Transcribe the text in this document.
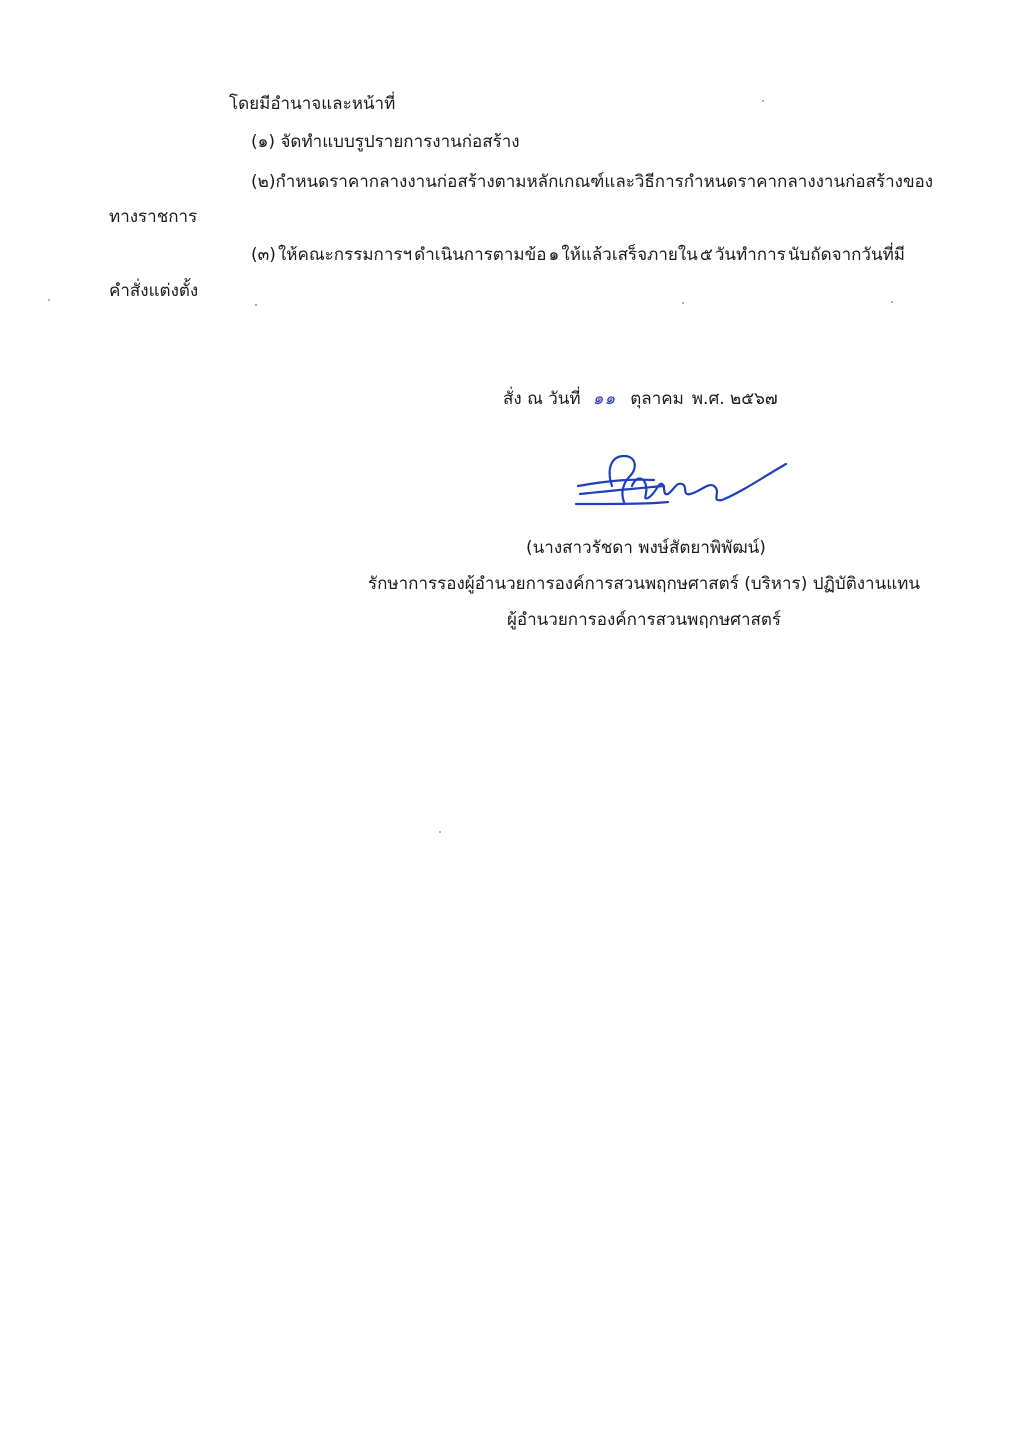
โดยมีอำนาจและหน้าที่
(๑) จัดทำแบบรูปรายการงานก่อสร้าง
(๒) กำหนดราคากลางงานก่อสร้างตามหลักเกณฑ์และวิธีการกำหนดราคากลางงานก่อสร้างของ
ทางราชการ
(๓) ให้คณะกรรมการฯ ดำเนินการตามข้อ ๑ ให้แล้วเสร็จภายใน ๕ วันทำการ นับถัดจากวันที่มี
คำสั่งแต่งตั้ง
สั่ง ณ วันที่ ๑๑ ตุลาคม พ.ศ. ๒๕๖๗
(นางสาวรัชดา พงษ์สัตยาพิพัฒน์)
รักษาการรองผู้อำนวยการองค์การสวนพฤกษศาสตร์ (บริหาร) ปฏิบัติงานแทน
ผู้อำนวยการองค์การสวนพฤกษศาสตร์
